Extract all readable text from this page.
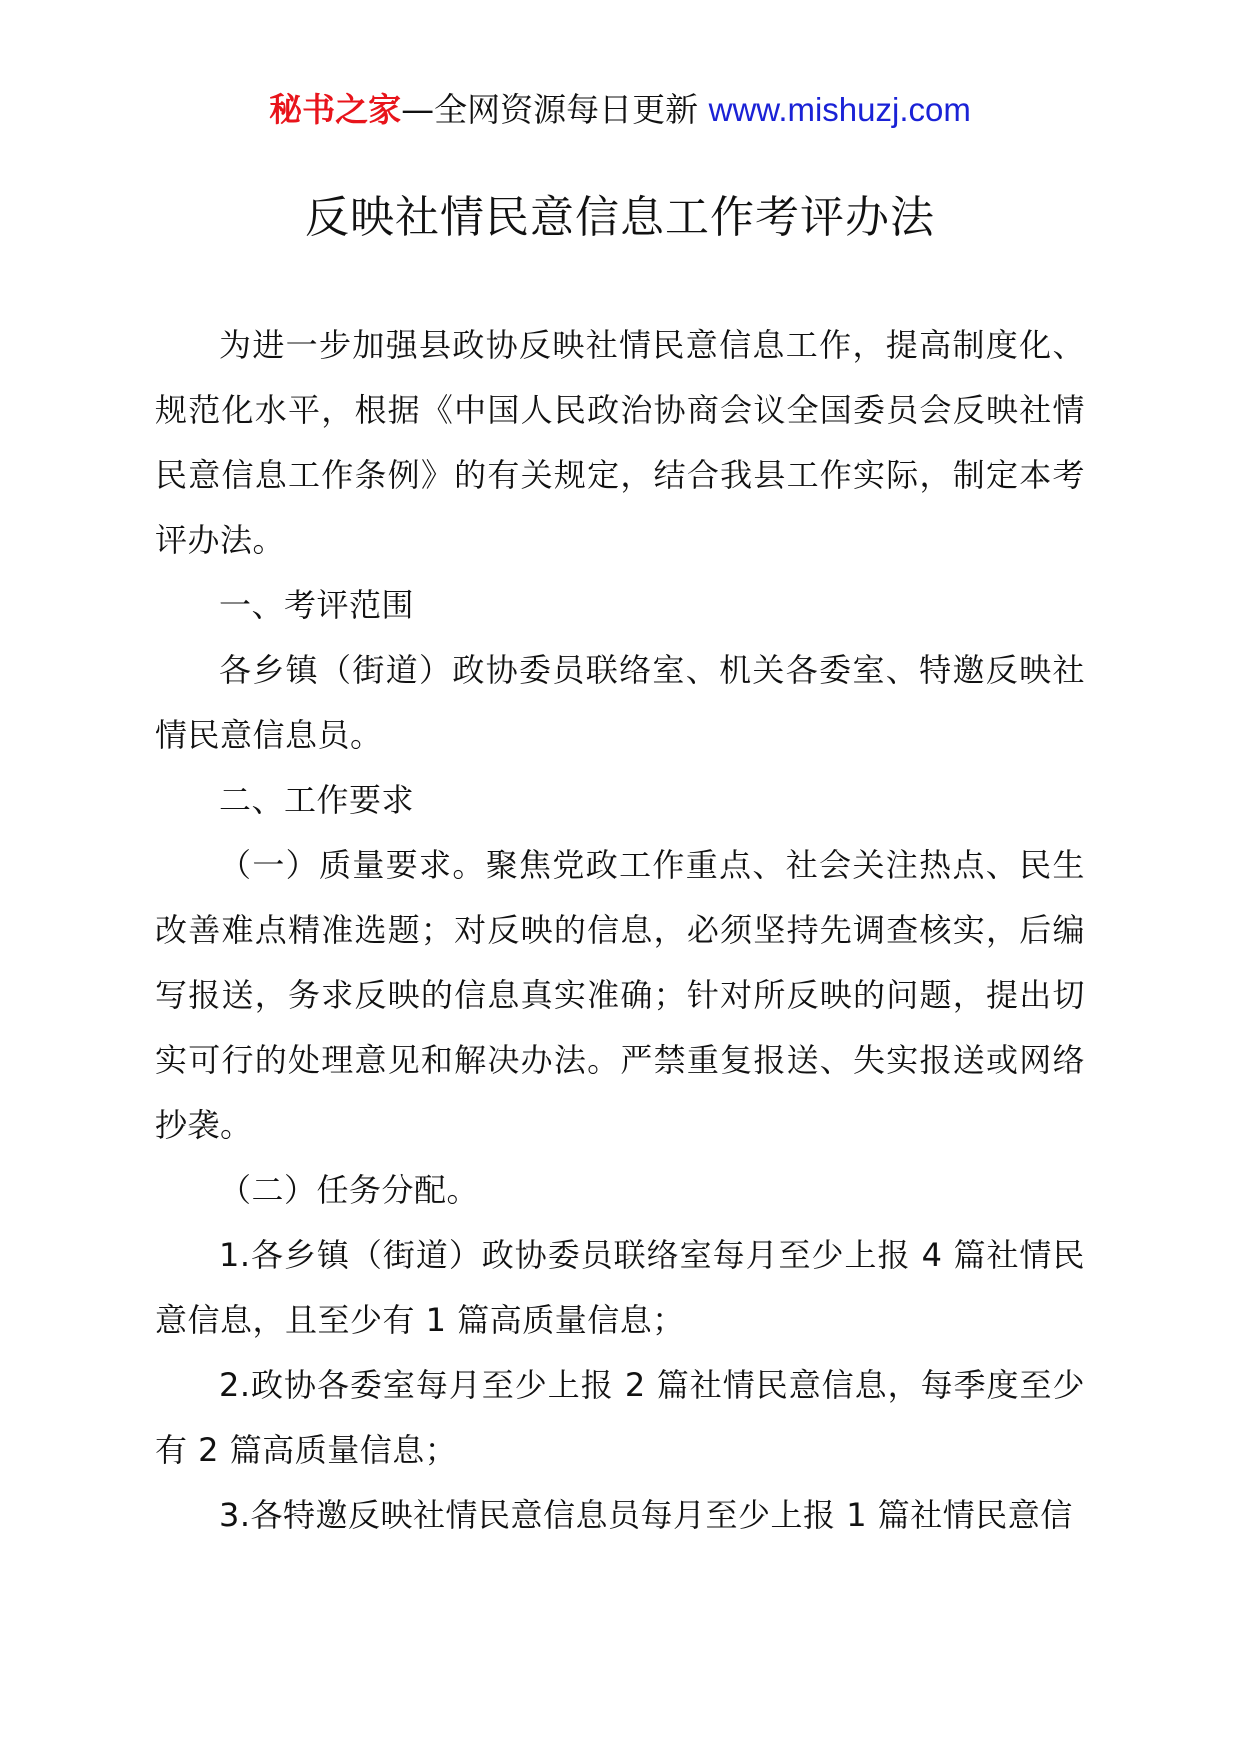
秘书之家—全网资源每日更新 www.mishuzj.com
反映社情民意信息工作考评办法

为进一步加强县政协反映社情民意信息工作，提高制度化、规范化水平，根据《中国人民政治协商会议全国委员会反映社情民意信息工作条例》的有关规定，结合我县工作实际，制定本考评办法。

一、考评范围

各乡镇（街道）政协委员联络室、机关各委室、特邀反映社情民意信息员。

二、工作要求

（一）质量要求。聚焦党政工作重点、社会关注热点、民生改善难点精准选题；对反映的信息，必须坚持先调查核实，后编写报送，务求反映的信息真实准确；针对所反映的问题，提出切实可行的处理意见和解决办法。严禁重复报送、失实报送或网络抄袭。

（二）任务分配。

1.各乡镇（街道）政协委员联络室每月至少上报 4 篇社情民意信息，且至少有 1 篇高质量信息；

2.政协各委室每月至少上报 2 篇社情民意信息，每季度至少有 2 篇高质量信息；

3.各特邀反映社情民意信息员每月至少上报 1 篇社情民意信
